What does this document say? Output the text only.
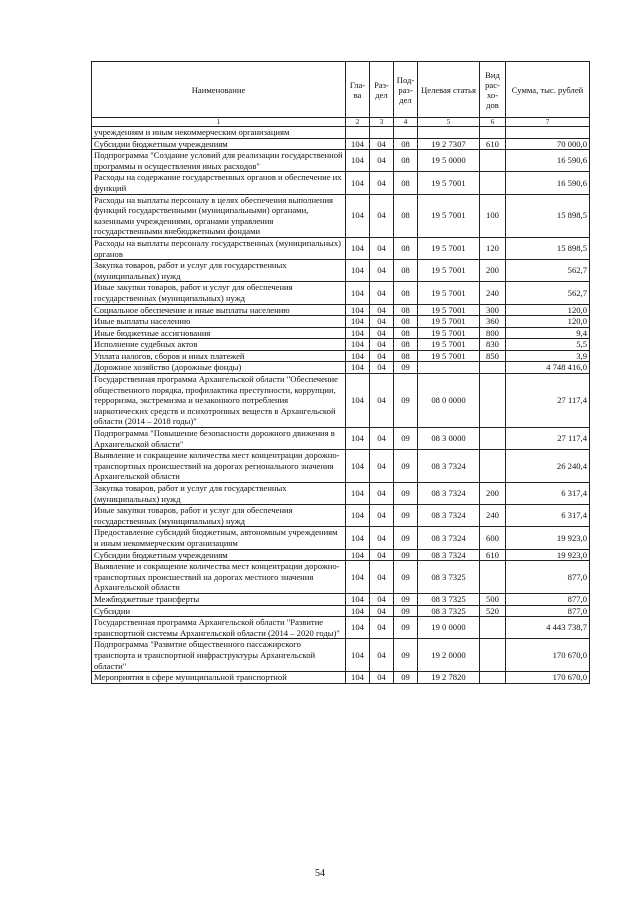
Наименование	Гла-ва	Раз-дел	Под-раз-дел	Целевая статья	Вид рас-хо-дов	Сумма, тыс. рублей
1	2	3	4	5	6	7
учреждениям и иным некоммерческим организациям						
Субсидии бюджетным учреждениям	104	04	08	19 2 7307	610	70 000,0
Подпрограмма "Создание условий для реализации государственной программы и осуществления иных расходов"	104	04	08	19 5 0000		16 590,6
Расходы на содержание государственных органов и обеспечение их функций	104	04	08	19 5 7001		16 590,6
Расходы на выплаты персоналу в целях обеспечения выполнения функций государственными (муниципальными) органами, казенными учреждениями, органами управления государственными внебюджетными фондами	104	04	08	19 5 7001	100	15 898,5
Расходы на выплаты персоналу государственных (муниципальных) органов	104	04	08	19 5 7001	120	15 898,5
Закупка товаров, работ и услуг для государственных (муниципальных) нужд	104	04	08	19 5 7001	200	562,7
Иные закупки товаров, работ и услуг для обеспечения государственных (муниципальных) нужд	104	04	08	19 5 7001	240	562,7
Социальное обеспечение и иные выплаты населению	104	04	08	19 5 7001	300	120,0
Иные выплаты населению	104	04	08	19 5 7001	360	120,0
Иные бюджетные ассигнования	104	04	08	19 5 7001	800	9,4
Исполнение судебных актов	104	04	08	19 5 7001	830	5,5
Уплата налогов, сборов и иных платежей	104	04	08	19 5 7001	850	3,9
Дорожное хозяйство (дорожные фонды)	104	04	09			4 748 416,0
Государственная программа Архангельской области "Обеспечение общественного порядка, профилактика преступности, коррупции, терроризма, экстремизма и незаконного потребления наркотических средств и психотропных веществ в Архангельской области (2014 – 2018 годы)"	104	04	09	08 0 0000		27 117,4
Подпрограмма "Повышение безопасности дорожного движения в Архангельской области"	104	04	09	08 3 0000		27 117,4
Выявление и сокращение количества мест концентрации дорожно-транспортных происшествий на дорогах регионального значения Архангельской области	104	04	09	08 3 7324		26 240,4
Закупка товаров, работ и услуг для государственных (муниципальных) нужд	104	04	09	08 3 7324	200	6 317,4
Иные закупки товаров, работ и услуг для обеспечения государственных (муниципальных) нужд	104	04	09	08 3 7324	240	6 317,4
Предоставление субсидий бюджетным, автономным учреждениям и иным некоммерческим организациям	104	04	09	08 3 7324	600	19 923,0
Субсидии бюджетным учреждениям	104	04	09	08 3 7324	610	19 923,0
Выявление и сокращение количества мест концентрации дорожно-транспортных происшествий на дорогах местного значения Архангельской области	104	04	09	08 3 7325		877,0
Межбюджетные трансферты	104	04	09	08 3 7325	500	877,0
Субсидии	104	04	09	08 3 7325	520	877,0
Государственная программа Архангельской области "Развитие транспортной системы Архангельской области (2014 – 2020 годы)"	104	04	09	19 0 0000		4 443 738,7
Подпрограмма "Развитие общественного пассажирского транспорта и транспортной инфраструктуры Архангельской области"	104	04	09	19 2 0000		170 670,0
Мероприятия в сфере муниципальной транспортной	104	04	09	19 2 7820		170 670,0
54
